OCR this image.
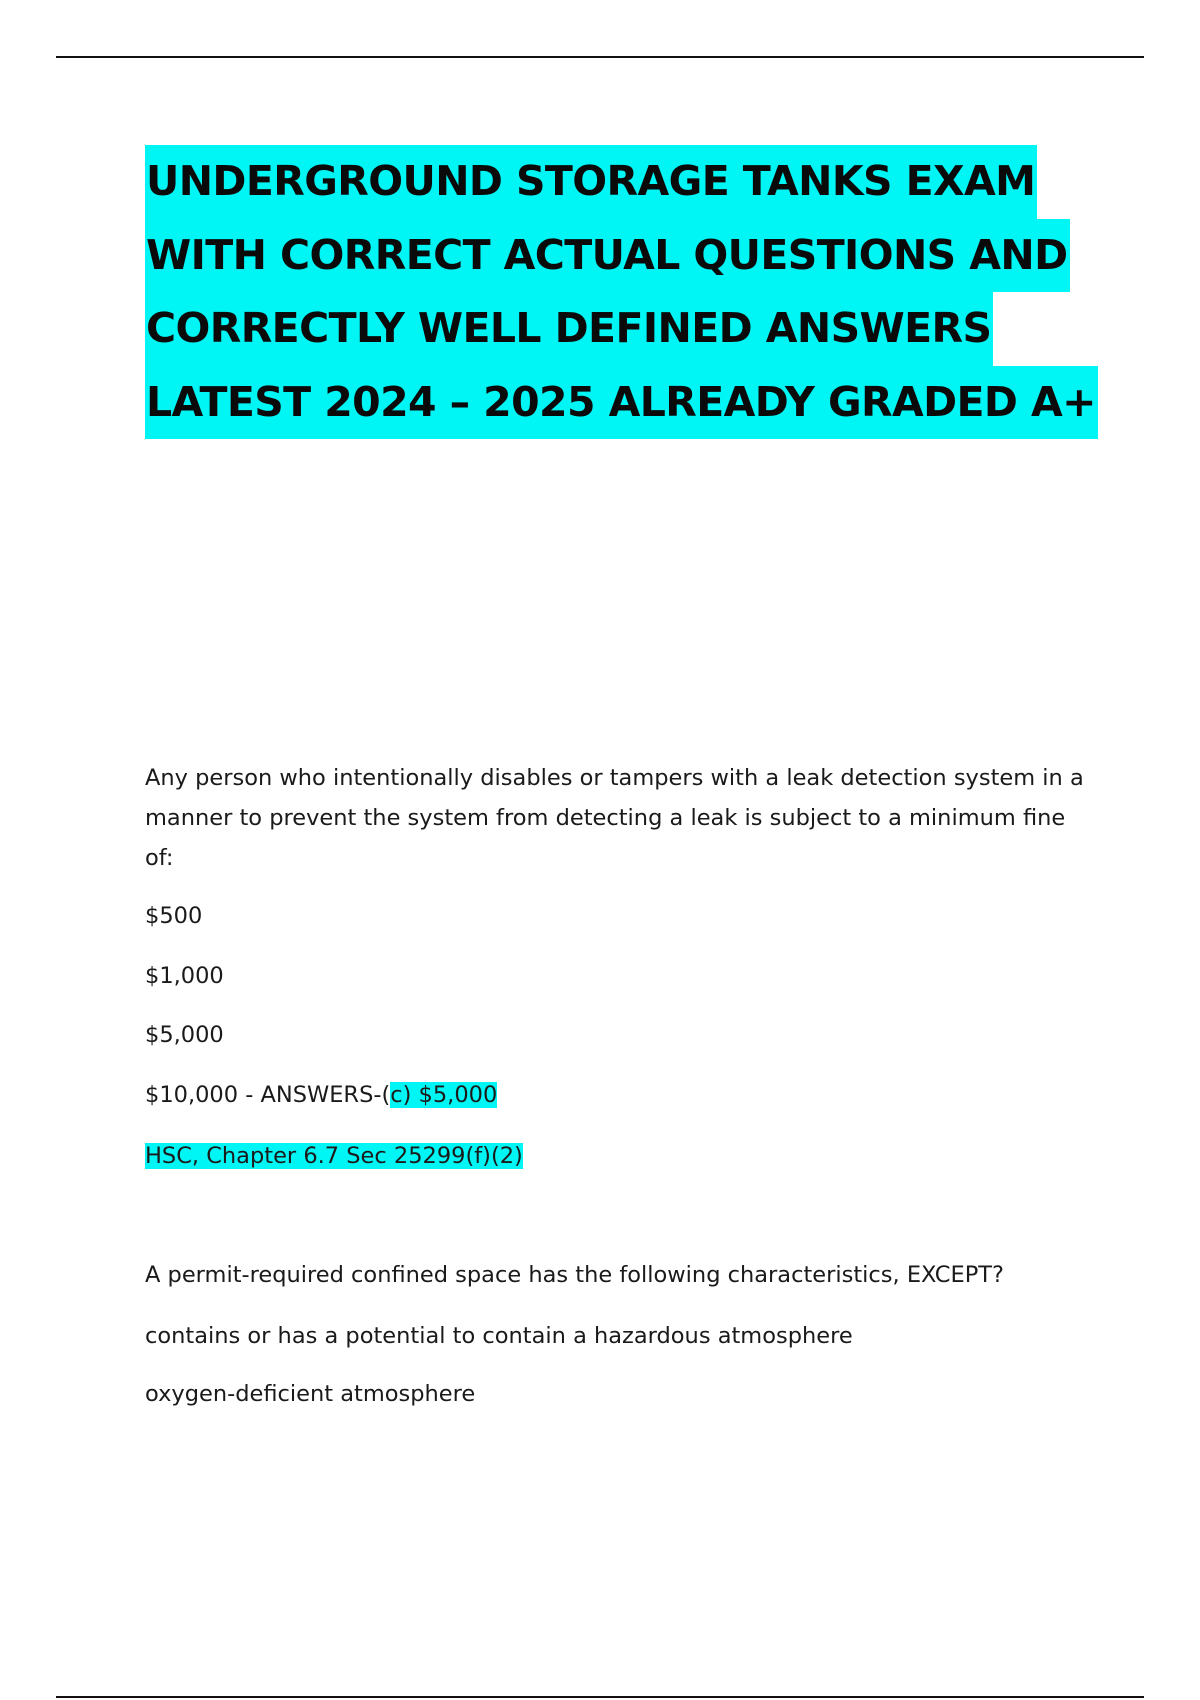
UNDERGROUND STORAGE TANKS EXAM
WITH CORRECT ACTUAL QUESTIONS AND
CORRECTLY WELL DEFINED ANSWERS
LATEST 2024 – 2025 ALREADY GRADED A+

Any person who intentionally disables or tampers with a leak detection system in a manner to prevent the system from detecting a leak is subject to a minimum fine of:

$500

$1,000

$5,000

$10,000 - ANSWERS-(c) $5,000

HSC, Chapter 6.7 Sec 25299(f)(2)

A permit-required confined space has the following characteristics, EXCEPT?

contains or has a potential to contain a hazardous atmosphere

oxygen-deficient atmosphere
